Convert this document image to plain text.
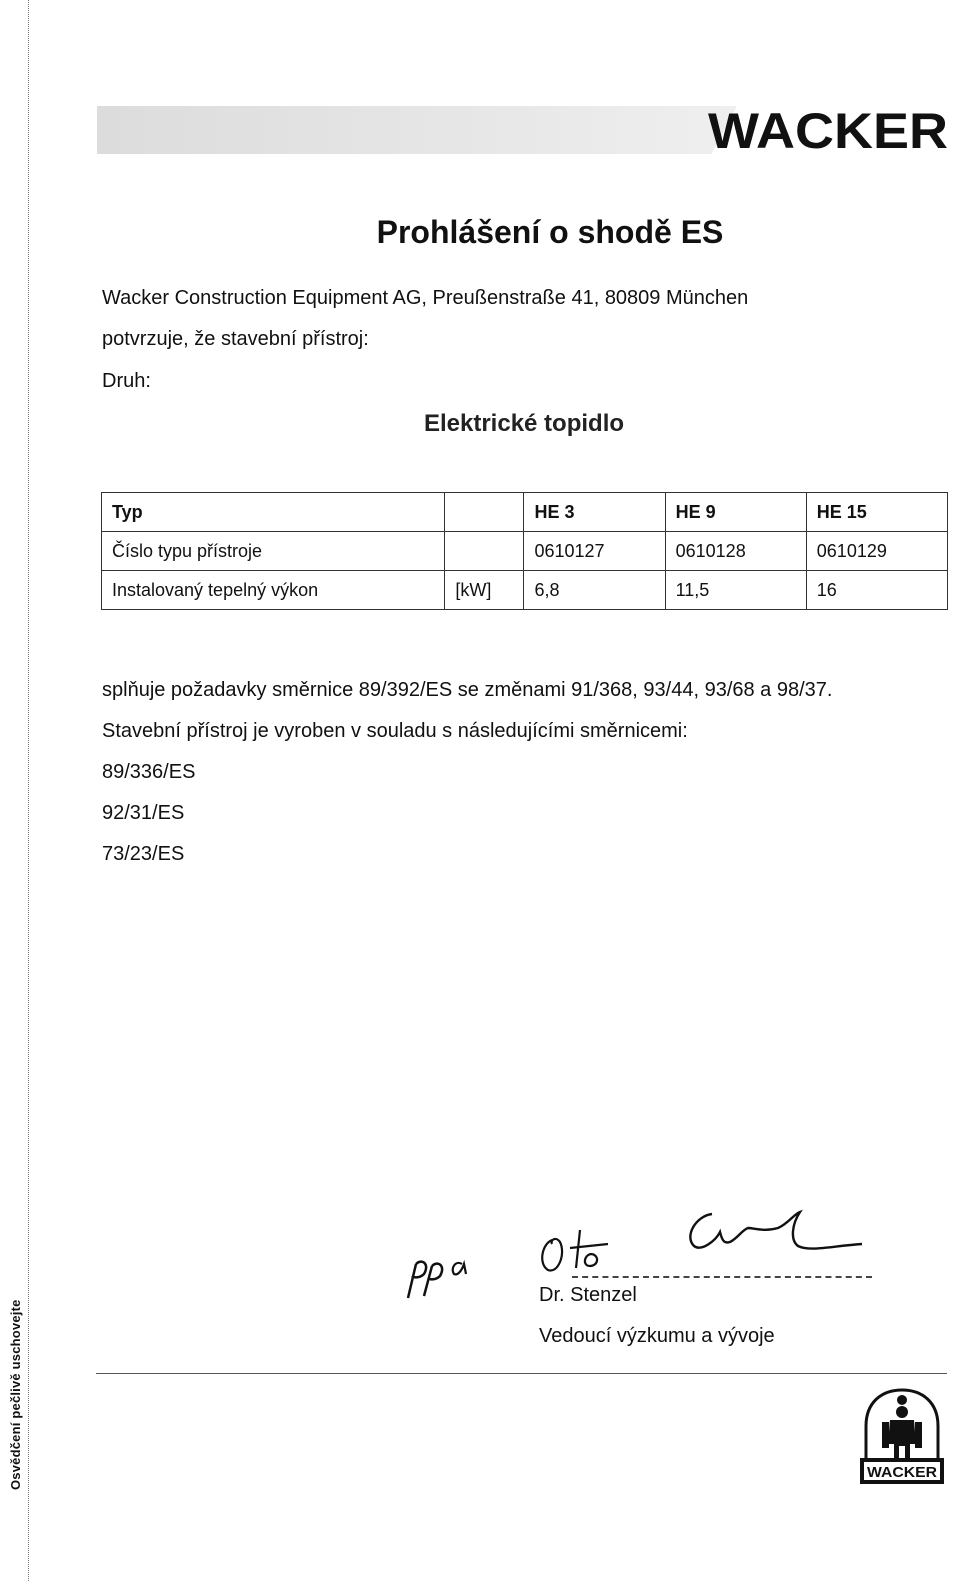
Osvědčení pečlivě uschovejte
WACKER
Prohlášení o shodě ES
Wacker Construction Equipment AG, Preußenstraße 41, 80809 München
potvrzuje, že stavební přístroj:
Druh:
Elektrické topidlo
Typ		HE 3	HE 9	HE 15
Číslo typu přístroje		0610127	0610128	0610129
Instalovaný tepelný výkon	[kW]	6,8	11,5	16
splňuje požadavky směrnice 89/392/ES se změnami 91/368, 93/44, 93/68 a 98/37.
Stavební přístroj je vyroben v souladu s následujícími směrnicemi:
89/336/ES
92/31/ES
73/23/ES
Dr. Stenzel
Vedoucí výzkumu a vývoje
WACKER
